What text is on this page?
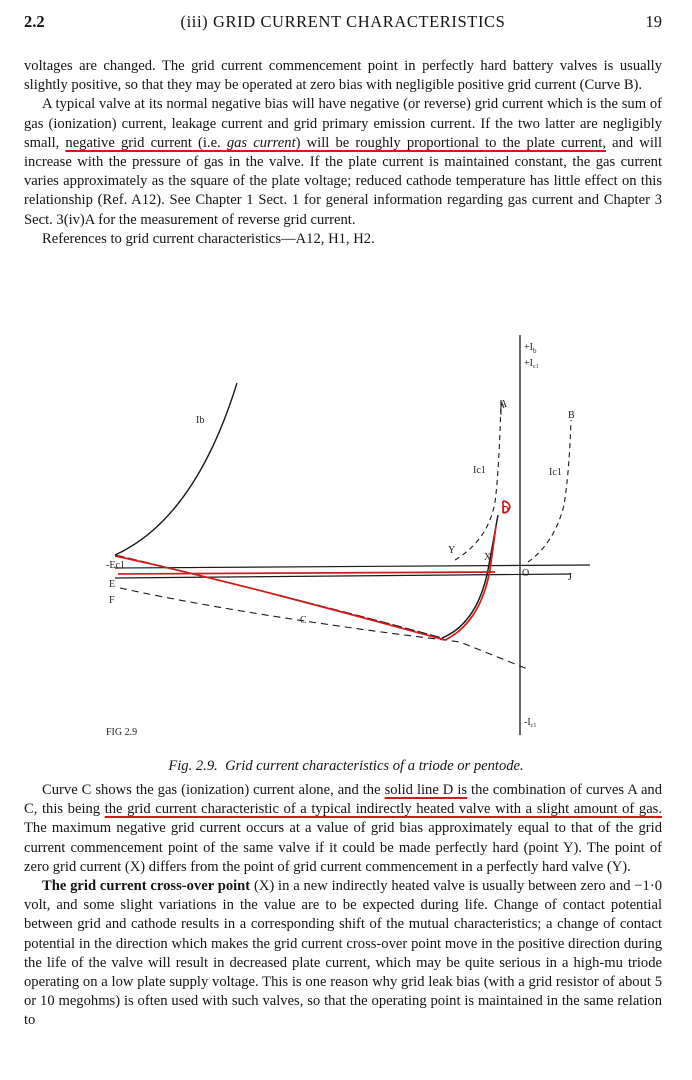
2.2	(iii) GRID CURRENT CHARACTERISTICS	19

voltages are changed. The grid current commencement point in perfectly hard battery valves is usually slightly positive, so that they may be operated at zero bias with negligible positive grid current (Curve B).

A typical valve at its normal negative bias will have negative (or reverse) grid current which is the sum of gas (ionization) current, leakage current and grid primary emission current. If the two latter are negligibly small, negative grid current (i.e. gas current) will be roughly proportional to the plate current, and will increase with the pressure of gas in the valve. If the plate current is maintained constant, the gas current varies approximately as the square of the plate voltage; reduced cathode temperature has little effect on this relationship (Ref. A12). See Chapter 1 Sect. 1 for general information regarding gas current and Chapter 3 Sect. 3(iv)A for the measurement of reverse grid current.

References to grid current characteristics—A12, H1, H2.

$+I_b$
$+I_{c1}$
Ib
Ic1	Ic1
A
B
C
D
Y
X
O
-Ec1
E
F
J
$-I_{c1}$
FIG 2.9
Fig. 2.9. Grid current characteristics of a triode or pentode.

Curve C shows the gas (ionization) current alone, and the solid line D is the combination of curves A and C, this being the grid current characteristic of a typical indirectly heated valve with a slight amount of gas. The maximum negative grid current occurs at a value of grid bias approximately equal to that of the grid current commencement point of the same valve if it could be made perfectly hard (point Y). The point of zero grid current (X) differs from the point of grid current commencement in a perfectly hard valve (Y).

The grid current cross-over point (X) in a new indirectly heated valve is usually between zero and −1·0 volt, and some slight variations in the value are to be expected during life. Change of contact potential between grid and cathode results in a corresponding shift of the mutual characteristics; a change of contact potential in the direction which makes the grid current cross-over point move in the positive direction during the life of the valve will result in decreased plate current, which may be quite serious in a high-mu triode operating on a low plate supply voltage. This is one reason why grid leak bias (with a grid resistor of about 5 or 10 megohms) is often used with such valves, so that the operating point is maintained in the same relation to
